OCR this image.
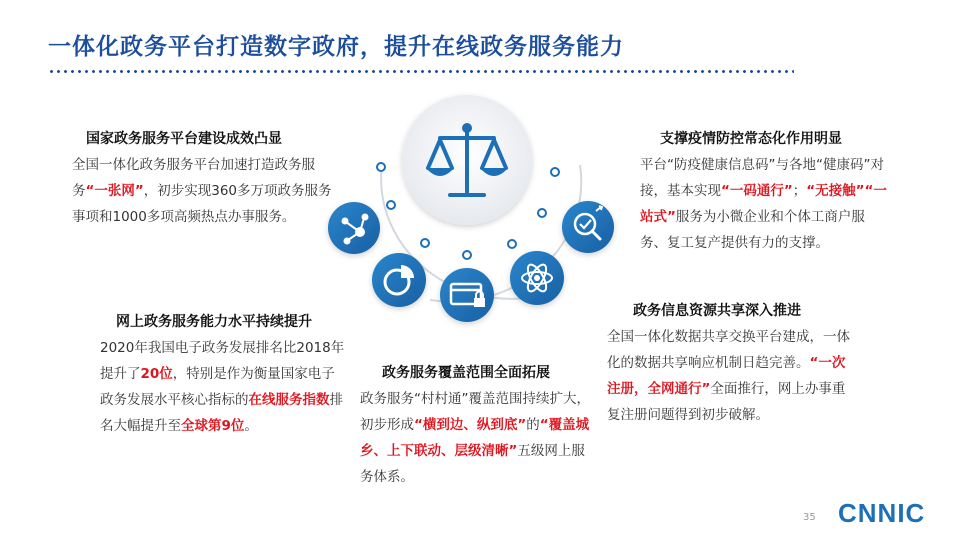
一体化政务平台打造数字政府，提升在线政务服务能力
国家政务服务平台建设成效凸显
全国一体化政务服务平台加速打造政务服务“一张网”，初步实现360多万项政务服务事项和1000多项高频热点办事服务。
网上政务服务能力水平持续提升
2020年我国电子政务发展排名比2018年提升了20位，特别是作为衡量国家电子政务发展水平核心指标的在线服务指数排名大幅提升至全球第9位。
支撑疫情防控常态化作用明显
平台“防疫健康信息码”与各地“健康码”对接，基本实现“一码通行”；“无接触”“一站式”服务为小微企业和个体工商户服务、复工复产提供有力的支撑。
政务信息资源共享深入推进
全国一体化数据共享交换平台建成，一体化的数据共享响应机制日趋完善。“一次注册，全网通行”全面推行，网上办事重复注册问题得到初步破解。
政务服务覆盖范围全面拓展
政务服务“村村通”覆盖范围持续扩大，初步形成“横到边、纵到底”的“覆盖城乡、上下联动、层级清晰”五级网上服务体系。
35 CNNIC
